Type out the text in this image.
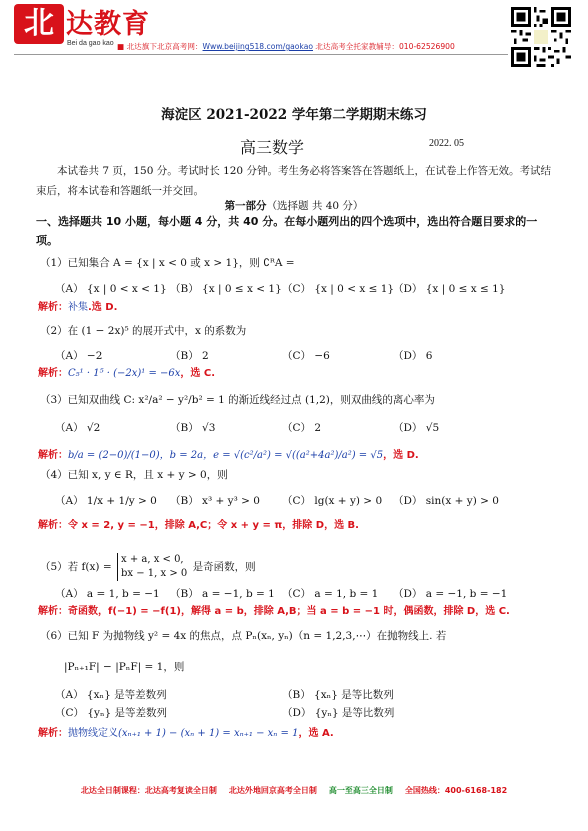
北 达教育
Bei da gao kao ■ 北达旗下北京高考网：Www.beijing518.com/gaokao 北达高考全托家教辅导：010-62526900
海淀区 2021-2022 学年第二学期期末练习
高三数学	2022. 05
本试卷共 7 页，150 分。考试时长 120 分钟。考生务必将答案答在答题纸上，在试卷上作答无效。考试结束后，将本试卷和答题纸一并交回。
第一部分（选择题 共 40 分）
一、选择题共 10 小题，每小题 4 分，共 40 分。在每小题列出的四个选项中，选出符合题目要求的一项。
（1）已知集合 A = {x | x < 0 或 x > 1}，则 ∁ᴿA =
（A） {x | 0 < x < 1} （B） {x | 0 ≤ x < 1} （C） {x | 0 < x ≤ 1}
（D） {x | 0 ≤ x ≤ 1}
解析：补集.选 D.
（2）在 (1 − 2x)⁵ 的展开式中，x 的系数为
（A） −2	（B） 2	（C） −6	（D） 6
解析：C₅¹ · 1⁵ · (−2x)¹ = −6x，选 C.
（3）已知双曲线 C: x²/a² − y²/b² = 1 的渐近线经过点 (1,2)，则双曲线的离心率为
（A） √2	（B） √3	（C） 2	（D） √5
解析：b/a = (2−0)/(1−0)，b = 2a，e = √(c²/a²) = √((a²+4a²)/a²) = √5，选 D.
（4）已知 x, y ∈ R，且 x + y > 0，则
（A） 1/x + 1/y > 0 （B） x³ + y³ > 0 （C） lg(x + y) > 0 （D） sin(x + y) > 0
解析：令 x = 2, y = −1，排除 A,C；令 x + y = π，排除 D，选 B.
（5）若 f(x) =
x + a, x < 0,
bx − 1, x > 0
是奇函数，则
（A） a = 1, b = −1 （B） a = −1, b = 1 （C） a = 1, b = 1 （D） a = −1, b = −1
解析：奇函数，f(−1) = −f(1)，解得 a = b，排除 A,B；当 a = b = −1 时，偶函数，排除 D，选 C.
（6）已知 F 为抛物线 y² = 4x 的焦点，点 Pₙ(xₙ, yₙ)（n = 1,2,3,⋯）在抛物线上. 若
|Pₙ₊₁F| − |PₙF| = 1，则
（A） {xₙ} 是等差数列	（B） {xₙ} 是等比数列
（C） {yₙ} 是等差数列	（D） {yₙ} 是等比数列
解析：抛物线定义(xₙ₊₁ + 1) − (xₙ + 1) = xₙ₊₁ − xₙ = 1，选 A.
北达全日制课程：北达高考复读全日制 北达外地回京高考全日制 高一至高三全日制 全国热线：400-6168-182
